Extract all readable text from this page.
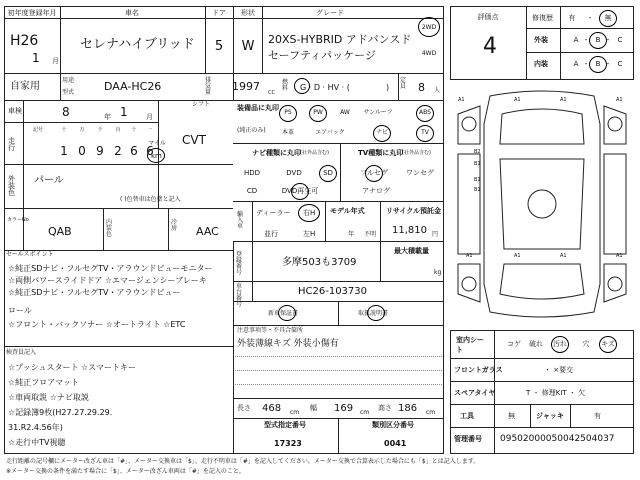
初年度登録年月	車名	ドア 形状	グレード
H26
1 月
セレナハイブリッド 5 W 20XS-HYBRID アドバンスド
セーフティパッケージ
2WD
4WD
自家用
用途
型式	DAA-HC26	排気量 1997 CC
燃料 G · D · HV · (	)
定員 8 人
車検	8	年 1	月
シフト
CVT
走行
記号	十	万	千	百 十 一
1 0 9 2 6 6
マイル
km
外装色
パール
( )色替車は色塗と記入
カラーNo
QAB
内装色
冷房 AAC
装備品に丸印
(純正のみ)
PS	PW	AW サンルーフ	ABS
本革	エアバック	ナビ	TV
ナビ種類に丸印 (社外品含む)	TV種類に丸印
(社外品含む)
HDD	DVD	SD
CD	DVD再生可
フルセグ	ワンセグ
アナログ
輸入車
ディーラー
並行
右H
左H
モデル年式
年 不明
リサイクル預託金
11,810 円
セールスポイント
☆純正SDナビ・フルセグTV・アラウンドビューモニター
☆両側パワースライドドア ☆エマージェンシーブレーキ
☆純正SDナビ・フルセグTV・アラウンドビュー
ロール
☆フロント・バックソナー ☆オートライト ☆ETC
検査員記入
☆プッシュスタート ☆スマートキー
☆純正フロアマット
☆車両取説 ☆ナビ取説
☆記録簿9枚(H27.27.29.29.
31.R2.4.56年)
☆走行中TV視聴
登録番号
多摩503も3709
最大積載量
kg
車台番号
HC26-103730
新車保証書	取扱説明書
注意事項等・不具合箇所
外装薄線キズ 外装小傷有
長さ 468 cm
幅 169 cm
高さ 186 cm
型式指定番号	類別区分番号
17323	0041
評価点
4
修復歴 有 ・ 無
外装	A ・ B ・ C
内装	A ・ B ・ C
A1	A1	A1	A1
B2
B1
B1
B1
A1	A1	A1	A1
室内シート
コゲ 破れ 汚れ 穴 キズ
フロントガラス	・ ×要交
スペアタイヤ	T ・ 修理KIT ・ 欠
工具	無	ジャッキ	有
管理番号 09502000050042504037
走行距離の記号欄にメーター改ざん車は「#」、メーター交換車は「$」、走行不明車は「#」を記入してください。メーター交換で合算表示した場合にも「$」とは記入します。
※メーター交換の条件を満たす場合に「$」、メーター改ざん車両は「#」を記入のこと。
